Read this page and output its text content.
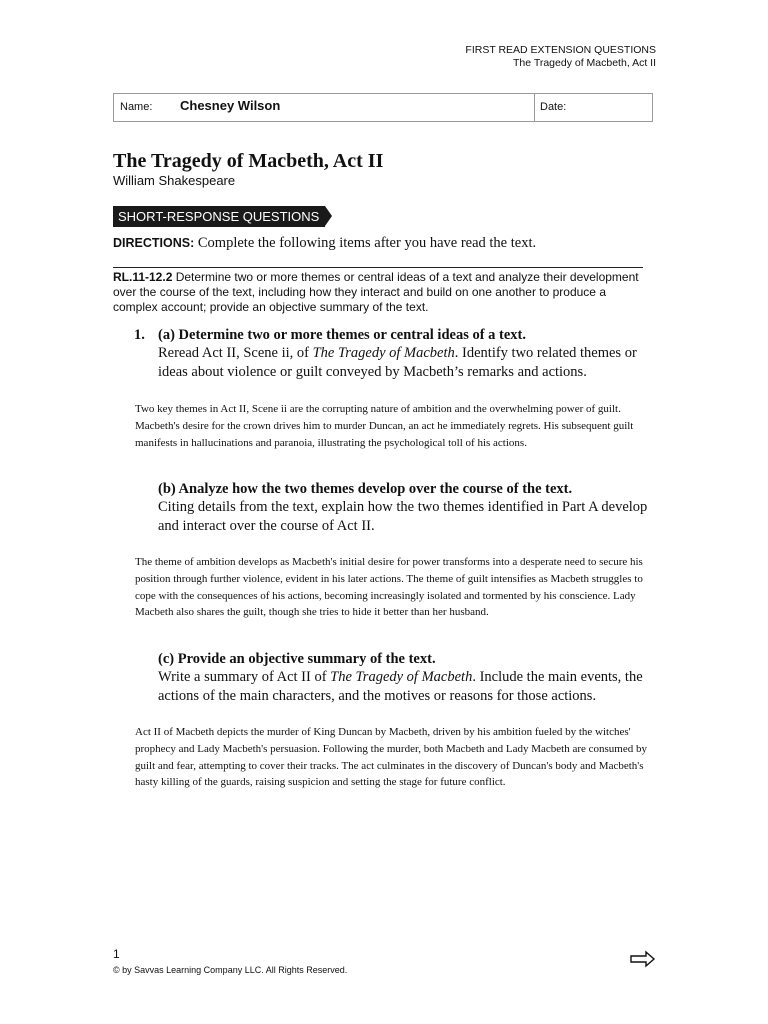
FIRST READ EXTENSION QUESTIONS
The Tragedy of Macbeth, Act II
Name: Chesney Wilson	Date:
The Tragedy of Macbeth, Act II
William Shakespeare
SHORT-RESPONSE QUESTIONS
DIRECTIONS: Complete the following items after you have read the text.
RL.11-12.2 Determine two or more themes or central ideas of a text and analyze their development over the course of the text, including how they interact and build on one another to produce a complex account; provide an objective summary of the text.
1. (a) Determine two or more themes or central ideas of a text.
Reread Act II, Scene ii, of The Tragedy of Macbeth. Identify two related themes or ideas about violence or guilt conveyed by Macbeth’s remarks and actions.
Two key themes in Act II, Scene ii are the corrupting nature of ambition and the overwhelming power of guilt. Macbeth's desire for the crown drives him to murder Duncan, an act he immediately regrets. His subsequent guilt manifests in hallucinations and paranoia, illustrating the psychological toll of his actions.
(b) Analyze how the two themes develop over the course of the text.
Citing details from the text, explain how the two themes identified in Part A develop and interact over the course of Act II.
The theme of ambition develops as Macbeth's initial desire for power transforms into a desperate need to secure his position through further violence, evident in his later actions. The theme of guilt intensifies as Macbeth struggles to cope with the consequences of his actions, becoming increasingly isolated and tormented by his conscience. Lady Macbeth also shares the guilt, though she tries to hide it better than her husband.
(c) Provide an objective summary of the text.
Write a summary of Act II of The Tragedy of Macbeth. Include the main events, the actions of the main characters, and the motives or reasons for those actions.
Act II of Macbeth depicts the murder of King Duncan by Macbeth, driven by his ambition fueled by the witches' prophecy and Lady Macbeth's persuasion. Following the murder, both Macbeth and Lady Macbeth are consumed by guilt and fear, attempting to cover their tracks. The act culminates in the discovery of Duncan's body and Macbeth's hasty killing of the guards, raising suspicion and setting the stage for future conflict.
1
© by Savvas Learning Company LLC. All Rights Reserved.
